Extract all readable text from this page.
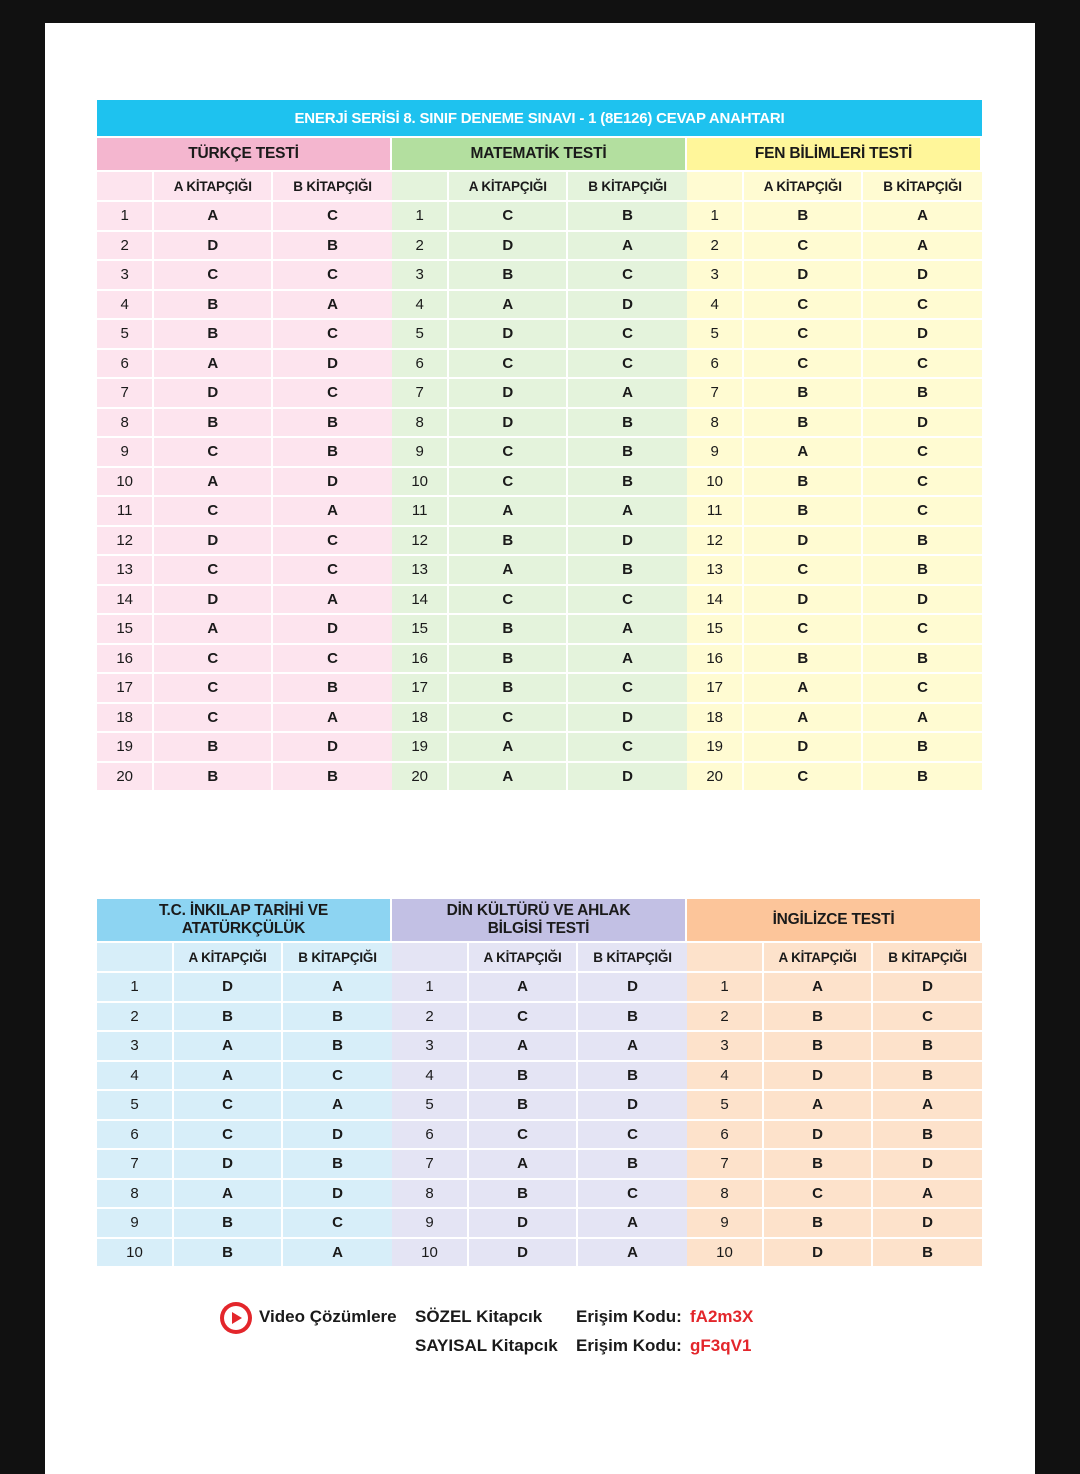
ENERJİ SERİSİ 8. SINIF DENEME SINAVI - 1 (8E126) CEVAP ANAHTARI
TÜRKÇE TESTİ
	A KİTAPÇIĞI	B KİTAPÇIĞI
1	A	C
2	D	B
3	C	C
4	B	A
5	B	C
6	A	D
7	D	C
8	B	B
9	C	B
10	A	D
11	C	A
12	D	C
13	C	C
14	D	A
15	A	D
16	C	C
17	C	B
18	C	A
19	B	D
20	B	B
MATEMATİK TESTİ
	A KİTAPÇIĞI	B KİTAPÇIĞI
1	C	B
2	D	A
3	B	C
4	A	D
5	D	C
6	C	C
7	D	A
8	D	B
9	C	B
10	C	B
11	A	A
12	B	D
13	A	B
14	C	C
15	B	A
16	B	A
17	B	C
18	C	D
19	A	C
20	A	D
FEN BİLİMLERİ TESTİ
	A KİTAPÇIĞI	B KİTAPÇIĞI
1	B	A
2	C	A
3	D	D
4	C	C
5	C	D
6	C	C
7	B	B
8	B	D
9	A	C
10	B	C
11	B	C
12	D	B
13	C	B
14	D	D
15	C	C
16	B	B
17	A	C
18	A	A
19	D	B
20	C	B
T.C. İNKILAP TARİHİ VE
ATATÜRKÇÜLÜK
	A KİTAPÇIĞI	B KİTAPÇIĞI
1	D	A
2	B	B
3	A	B
4	A	C
5	C	A
6	C	D
7	D	B
8	A	D
9	B	C
10	B	A
DİN KÜLTÜRÜ VE AHLAK
BİLGİSİ TESTİ
	A KİTAPÇIĞI	B KİTAPÇIĞI
1	A	D
2	C	B
3	A	A
4	B	B
5	B	D
6	C	C
7	A	B
8	B	C
9	D	A
10	D	A
İNGİLİZCE TESTİ
	A KİTAPÇIĞI	B KİTAPÇIĞI
1	A	D
2	B	C
3	B	B
4	D	B
5	A	A
6	D	B
7	B	D
8	C	A
9	B	D
10	D	B
Video Çözümlere SÖZEL Kitapcık Erişim Kodu: fA2m3X
SAYISAL Kitapcık Erişim Kodu: gF3qV1
